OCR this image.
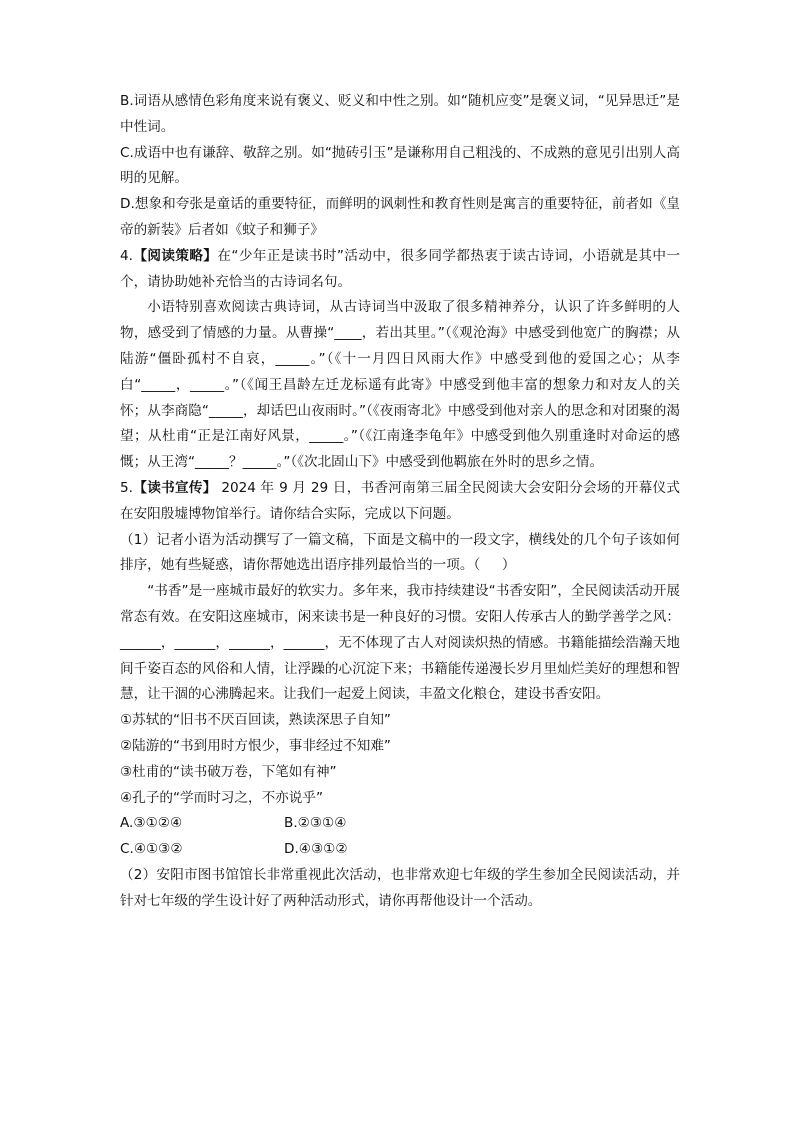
B.词语从感情色彩角度来说有褒义、贬义和中性之别。如“随机应变”是褒义词，“见异思迁”是中性词。

C.成语中也有谦辞、敬辞之别。如“抛砖引玉”是谦称用自己粗浅的、不成熟的意见引出别人高明的见解。

D.想象和夸张是童话的重要特征，而鲜明的讽刺性和教育性则是寓言的重要特征，前者如《皇帝的新装》后者如《蚊子和狮子》

4.【阅读策略】在“少年正是读书时”活动中，很多同学都热衷于读古诗词，小语就是其中一个，请协助她补充恰当的古诗词名句。

小语特别喜欢阅读古典诗词，从古诗词当中汲取了很多精神养分，认识了许多鲜明的人物，感受到了情感的力量。从曹操“____，若出其里。”（《观沧海》中感受到他宽广的胸襟；从陆游“僵卧孤村不自哀，_____。”（《十一月四日风雨大作》中感受到他的爱国之心；从李白“_____，_____。”（《闻王昌龄左迁龙标遥有此寄》中感受到他丰富的想象力和对友人的关怀；从李商隐“_____，却话巴山夜雨时。”（《夜雨寄北》中感受到他对亲人的思念和对团聚的渴望；从杜甫“正是江南好风景，_____。”（《江南逢李龟年》中感受到他久别重逢时对命运的感慨；从王湾“_____？_____。”（《次北固山下》中感受到他羁旅在外时的思乡之情。

5.【读书宣传】 2024 年 9 月 29 日，书香河南第三届全民阅读大会安阳分会场的开幕仪式在安阳殷墟博物馆举行。请你结合实际，完成以下问题。

（1）记者小语为活动撰写了一篇文稿，下面是文稿中的一段文字，横线处的几个句子该如何排序，她有些疑惑，请你帮她选出语序排列最恰当的一项。（     ）

“书香”是一座城市最好的软实力。多年来，我市持续建设“书香安阳”，全民阅读活动开展常态有效。在安阳这座城市，闲来读书是一种良好的习惯。安阳人传承古人的勤学善学之风：______，______，______，______，无不体现了古人对阅读炽热的情感。书籍能描绘浩瀚天地间千姿百态的风俗和人情，让浮躁的心沉淀下来；书籍能传递漫长岁月里灿烂美好的理想和智慧，让干涸的心沸腾起来。让我们一起爱上阅读，丰盈文化粮仓，建设书香安阳。

①苏轼的“旧书不厌百回读，熟读深思子自知”

②陆游的“书到用时方恨少，事非经过不知难”

③杜甫的“读书破万卷，下笔如有神”

④孔子的“学而时习之，不亦说乎”

A.③①②④	B.②③①④
C.④①③②	D.④③①②

（2）安阳市图书馆馆长非常重视此次活动，也非常欢迎七年级的学生参加全民阅读活动，并针对七年级的学生设计好了两种活动形式，请你再帮他设计一个活动。
